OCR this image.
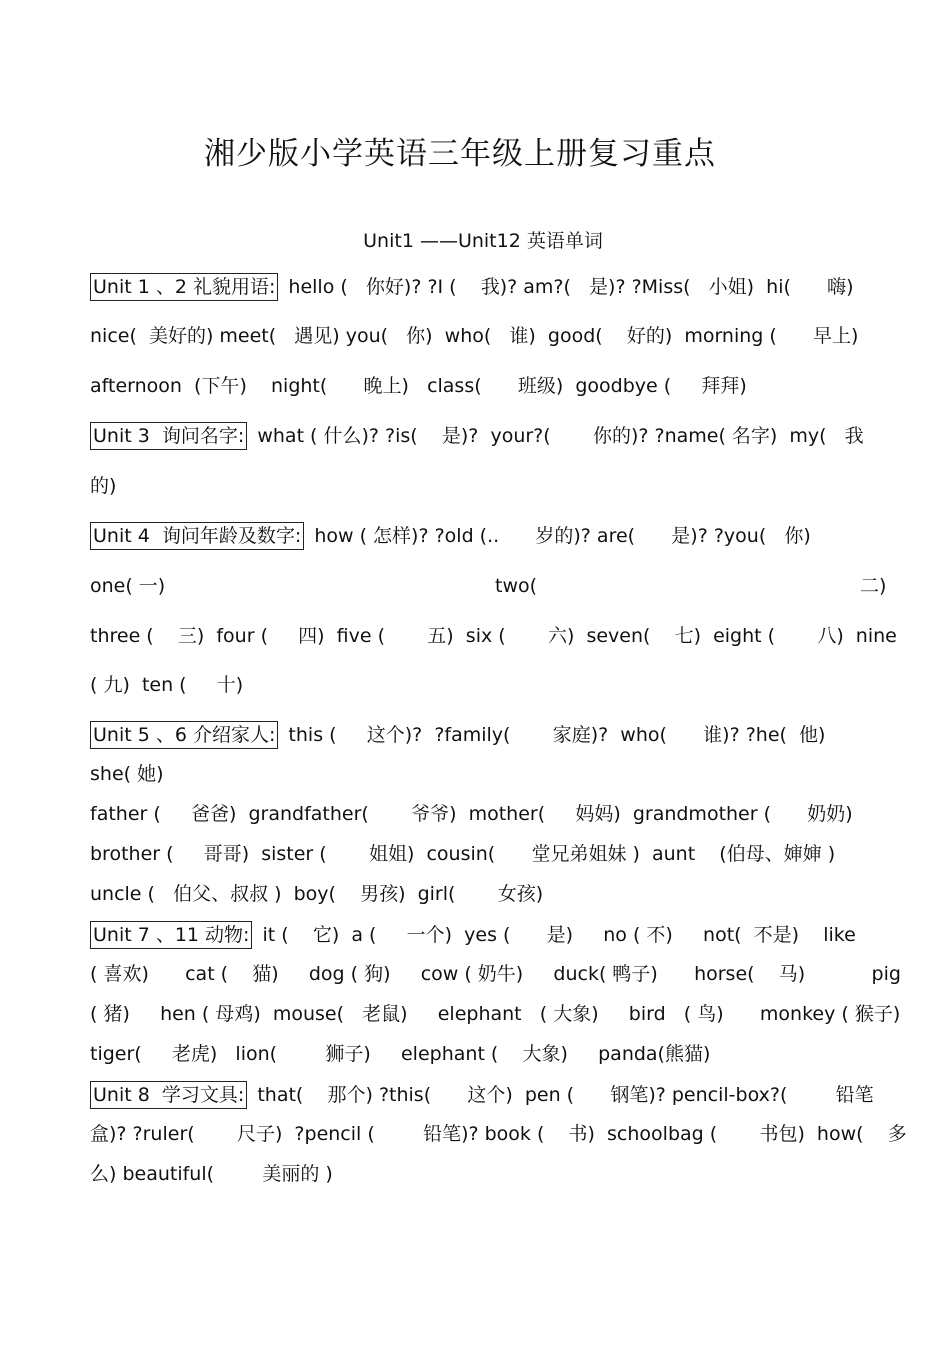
湘少版小学英语三年级上册复习重点
Unit1 ——Unit12 英语单词
Unit 1 、2 礼貌用语: hello (   你好)? ?I (    我)? am?(   是)? ?Miss(   小姐)  hi(      嗨)
nice(  美好的) meet(   遇见) you(   你)  who(   谁)  good(    好的)  morning (      早上)
afternoon  (下午)    night(      晚上)   class(      班级)  goodbye (     拜拜)
Unit 3  询问名字: what ( 什么)? ?is(    是)?  your?(       你的)? ?name( 名字)  my(   我
的)
Unit 4  询问年龄及数字: how ( 怎样)? ?old (..      岁的)? are(      是)? ?you(   你)
one( 一)	two(	二)
three (    三)  four (     四)  five (       五)  six (       六)  seven(    七)  eight (       八)  nine
( 九)  ten (     十)
Unit 5 、6 介绍家人: this (     这个)?  ?family(       家庭)?  who(      谁)? ?he(  他)
she( 她)
father (     爸爸)  grandfather(       爷爷)  mother(     妈妈)  grandmother (      奶奶)
brother (     哥哥)  sister (       姐姐)  cousin(      堂兄弟姐妹 )  aunt    (伯母、婶婶 )
uncle (   伯父、叔叔 )  boy(    男孩)  girl(       女孩)
Unit 7 、11 动物: it (    它)  a (     一个)  yes (      是)     no ( 不)     not(  不是)    like
( 喜欢)      cat (    猫)     dog ( 狗)     cow ( 奶牛)     duck( 鸭子)      horse(    马)           pig
( 猪)     hen ( 母鸡)  mouse(   老鼠)     elephant   ( 大象)     bird   ( 鸟)      monkey ( 猴子)
tiger(     老虎)   lion(        狮子)     elephant (    大象)     panda(熊猫)
Unit 8  学习文具: that(    那个) ?this(      这个)  pen (      钢笔)? pencil-box?(        铅笔
盒)? ?ruler(       尺子)  ?pencil (        铅笔)? book (    书)  schoolbag (       书包)  how(    多
么) beautiful(        美丽的 )
